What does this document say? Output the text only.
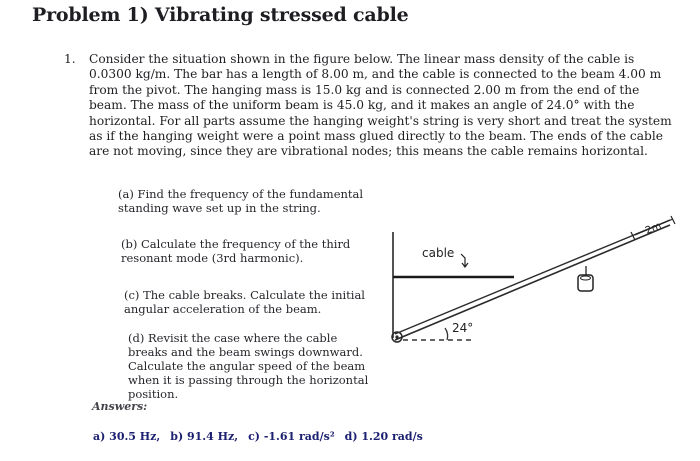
Problem 1) Vibrating stressed cable
1. Consider the situation shown in the figure below. The linear mass density of the cable is 0.0300 kg/m. The bar has a length of 8.00 m, and the cable is connected to the beam 4.00 m from the pivot. The hanging mass is 15.0 kg and is connected 2.00 m from the end of the beam. The mass of the uniform beam is 45.0 kg, and it makes an angle of 24.0° with the horizontal. For all parts assume the hanging weight's string is very short and treat the system as if the hanging weight were a point mass glued directly to the beam. The ends of the cable are not moving, since they are vibrational nodes; this means the cable remains horizontal.
(a) Find the frequency of the fundamental standing wave set up in the string.
(b) Calculate the frequency of the third resonant mode (3rd harmonic).
(c) The cable breaks. Calculate the initial angular acceleration of the beam.
(d) Revisit the case where the cable breaks and the beam swings downward. Calculate the angular speed of the beam when it is passing through the horizontal position.
24°
cable
2m
Answers:
a) 30.5 Hz, b) 91.4 Hz, c) -1.61 rad/s² d) 1.20 rad/s
